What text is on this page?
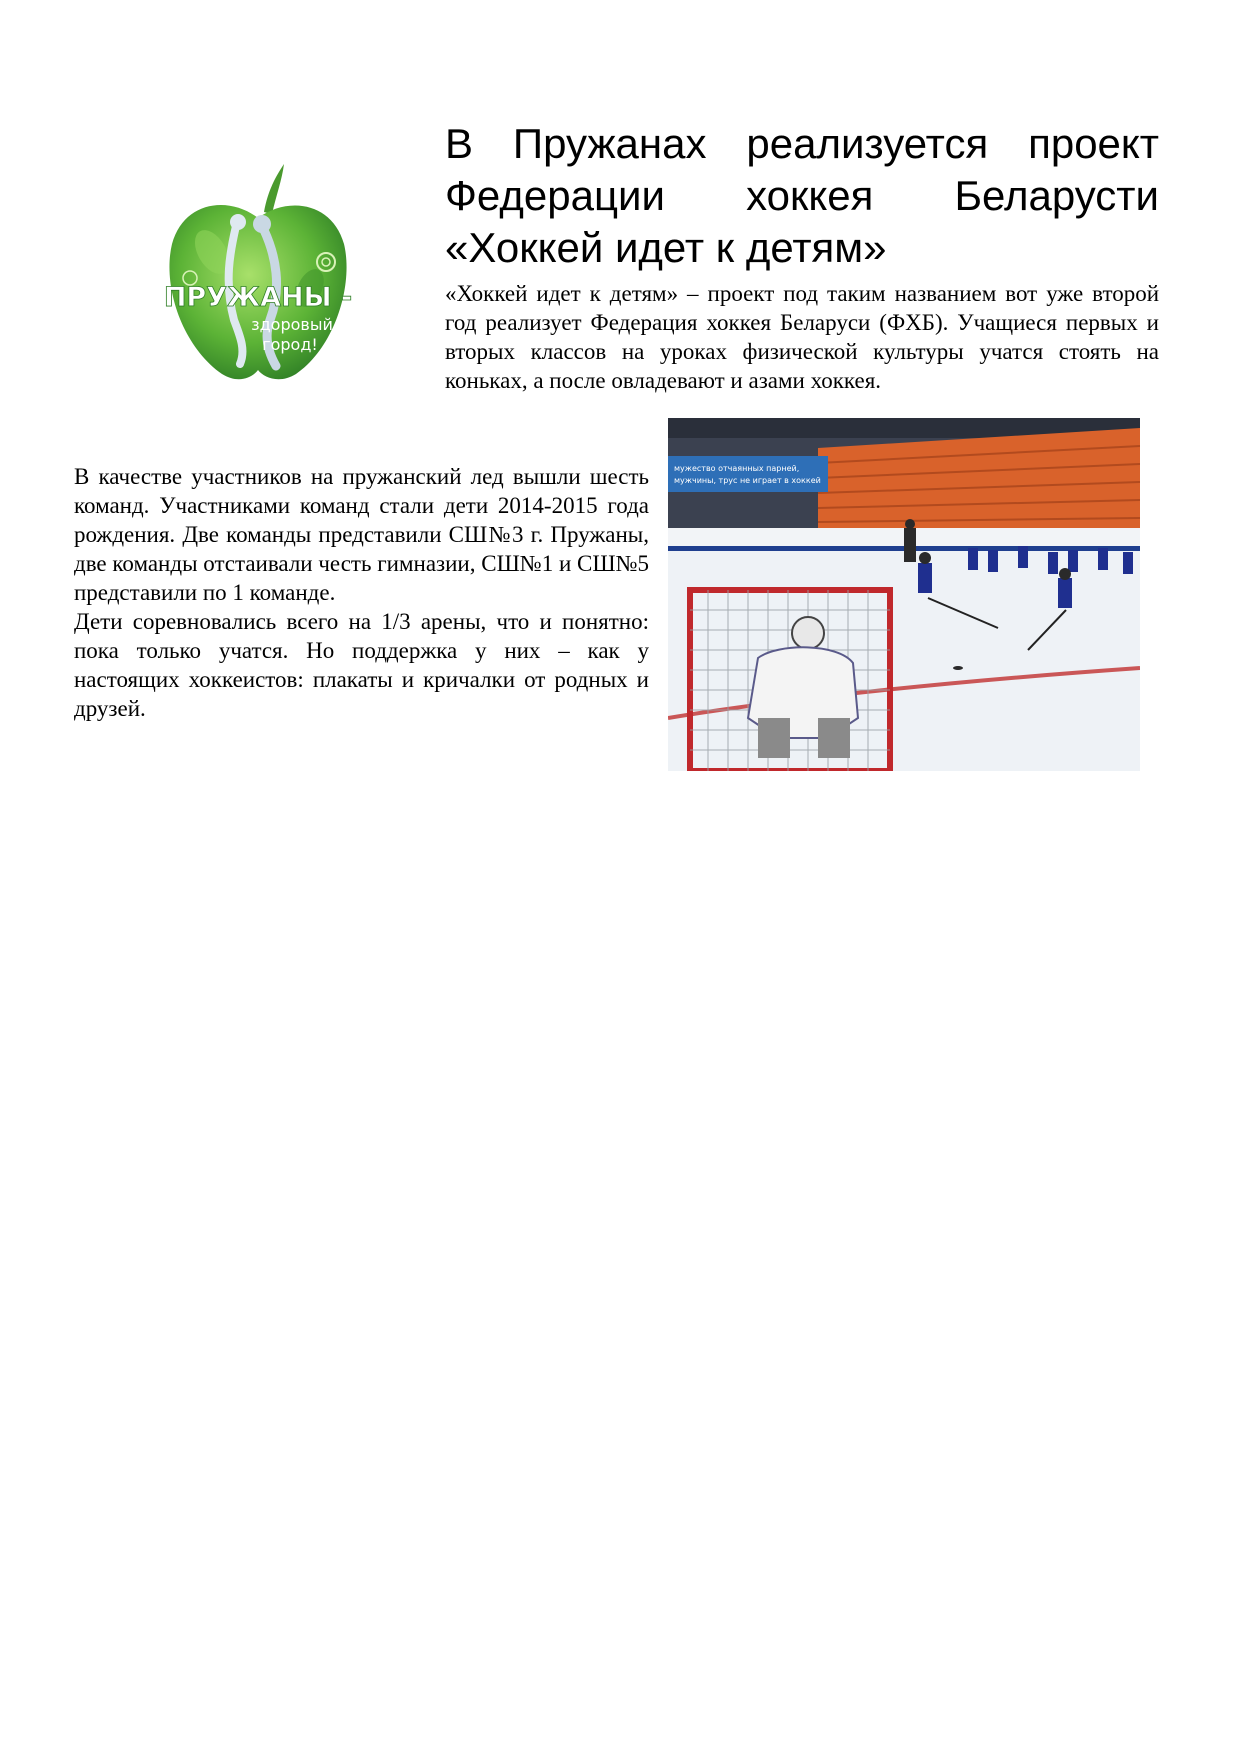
ПРУЖАНЫ -
здоровый
город!
В Пружанах реализуется проект
Федерации хоккея Беларусти
«Хоккей идет к детям»

«Хоккей идет к детям» – проект под таким названием вот уже второй год реализует Федерация хоккея Беларуси (ФХБ). Учащиеся первых и вторых классов на уроках физической культуры учатся стоять на коньках, а после овладевают и азами хоккея.

В качестве участников на пружанский лед вышли шесть команд. Участниками команд стали дети 2014-2015 года рождения. Две команды представили СШ№3 г. Пружаны, две команды отстаивали честь гимназии, СШ№1 и СШ№5 представили по 1 команде.

Дети соревновались всего на 1/3 арены, что и понятно: пока только учатся. Но поддержка у них – как у настоящих хоккеистов: плакаты и кричалки от родных и друзей.

мужество отчаянных парней,
мужчины, трус не играет в хоккей
